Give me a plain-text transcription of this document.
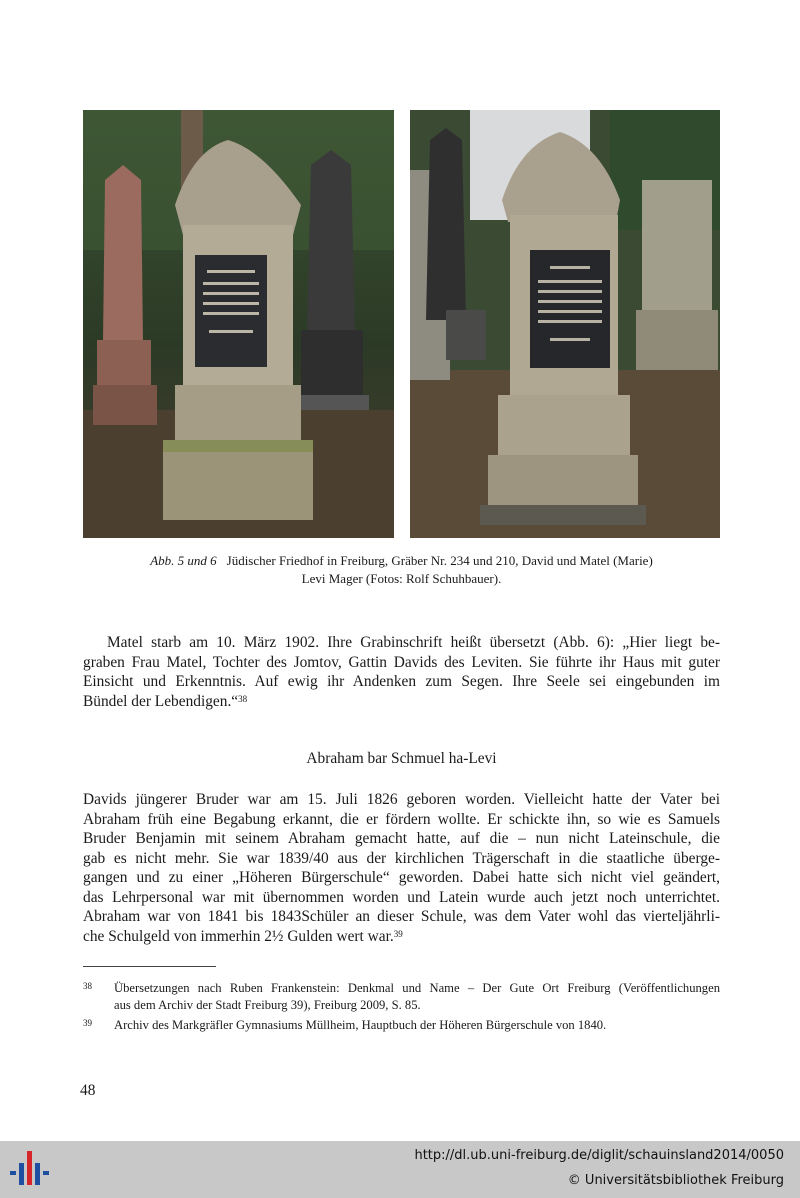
Abb. 5 und 6 Jüdischer Friedhof in Freiburg, Gräber Nr. 234 und 210, David und Matel (Marie)
Levi Mager (Fotos: Rolf Schuhbauer).
Matel starb am 10. März 1902. Ihre Grabinschrift heißt übersetzt (Abb. 6): „Hier liegt be-
graben Frau Matel, Tochter des Jomtov, Gattin Davids des Leviten. Sie führte ihr Haus mit guter
Einsicht und Erkenntnis. Auf ewig ihr Andenken zum Segen. Ihre Seele sei eingebunden im
Bündel der Lebendigen.“$^{38}$
Abraham bar Schmuel ha-Levi
Davids jüngerer Bruder war am 15. Juli 1826 geboren worden. Vielleicht hatte der Vater bei
Abraham früh eine Begabung erkannt, die er fördern wollte. Er schickte ihn, so wie es Samuels
Bruder Benjamin mit seinem Abraham gemacht hatte, auf die – nun nicht Lateinschule, die
gab es nicht mehr. Sie war 1839/40 aus der kirchlichen Trägerschaft in die staatliche überge-
gangen und zu einer „Höheren Bürgerschule“ geworden. Dabei hatte sich nicht viel geändert,
das Lehrpersonal war mit übernommen worden und Latein wurde auch jetzt noch unterrichtet.
Abraham war von 1841 bis 1843Schüler an dieser Schule, was dem Vater wohl das vierteljährli-
che Schulgeld von immerhin 2½ Gulden wert war.$^{39}$
38 Übersetzungen nach Ruben Frankenstein: Denkmal und Name – Der Gute Ort Freiburg (Veröffentlichungen
aus dem Archiv der Stadt Freiburg 39), Freiburg 2009, S. 85.
39 Archiv des Markgräfler Gymnasiums Müllheim, Hauptbuch der Höheren Bürgerschule von 1840.
48
http://dl.ub.uni-freiburg.de/diglit/schauinsland2014/0050
© Universitätsbibliothek Freiburg
